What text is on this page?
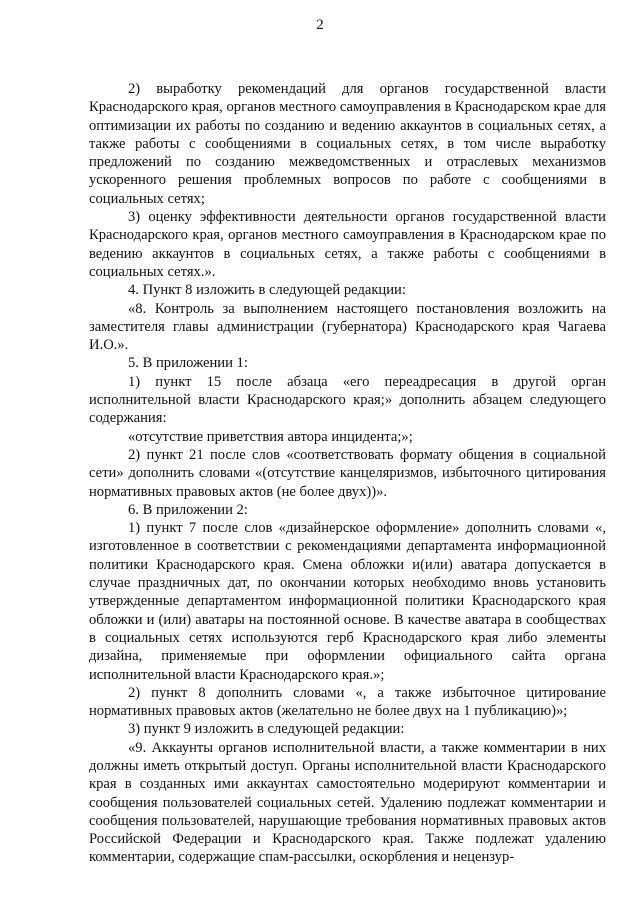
2

2) выработку рекомендаций для органов государственной власти Краснодарского края, органов местного самоуправления в Краснодарском крае для оптимизации их работы по созданию и ведению аккаунтов в социальных сетях, а также работы с сообщениями в социальных сетях, в том числе выработку предложений по созданию межведомственных и отраслевых механизмов ускоренного решения проблемных вопросов по работе с сообщениями в социальных сетях;

3) оценку эффективности деятельности органов государственной власти Краснодарского края, органов местного самоуправления в Краснодарском крае по ведению аккаунтов в социальных сетях, а также работы с сообщениями в социальных сетях.».

4. Пункт 8 изложить в следующей редакции:

«8. Контроль за выполнением настоящего постановления возложить на заместителя главы администрации (губернатора) Краснодарского края Чагаева И.О.».

5. В приложении 1:

1) пункт 15 после абзаца «его переадресация в другой орган исполнительной власти Краснодарского края;» дополнить абзацем следующего содержания:

«отсутствие приветствия автора инцидента;»;

2) пункт 21 после слов «соответствовать формату общения в социальной сети» дополнить словами «(отсутствие канцеляризмов, избыточного цитирования нормативных правовых актов (не более двух))».

6. В приложении 2:

1) пункт 7 после слов «дизайнерское оформление» дополнить словами «, изготовленное в соответствии с рекомендациями департамента информационной политики Краснодарского края. Смена обложки и(или) аватара допускается в случае праздничных дат, по окончании которых необходимо вновь установить утвержденные департаментом информационной политики Краснодарского края обложки и (или) аватары на постоянной основе. В качестве аватара в сообществах в социальных сетях используются герб Краснодарского края либо элементы дизайна, применяемые при оформлении официального сайта органа исполнительной власти Краснодарского края.»;

2) пункт 8 дополнить словами «, а также избыточное цитирование нормативных правовых актов (желательно не более двух на 1 публикацию)»;

3) пункт 9 изложить в следующей редакции:

«9. Аккаунты органов исполнительной власти, а также комментарии в них должны иметь открытый доступ. Органы исполнительной власти Краснодарского края в созданных ими аккаунтах самостоятельно модерируют комментарии и сообщения пользователей социальных сетей. Удалению подлежат комментарии и сообщения пользователей, нарушающие требования нормативных правовых актов Российской Федерации и Краснодарского края. Также подлежат удалению комментарии, содержащие спам-рассылки, оскорбления и нецензур-
